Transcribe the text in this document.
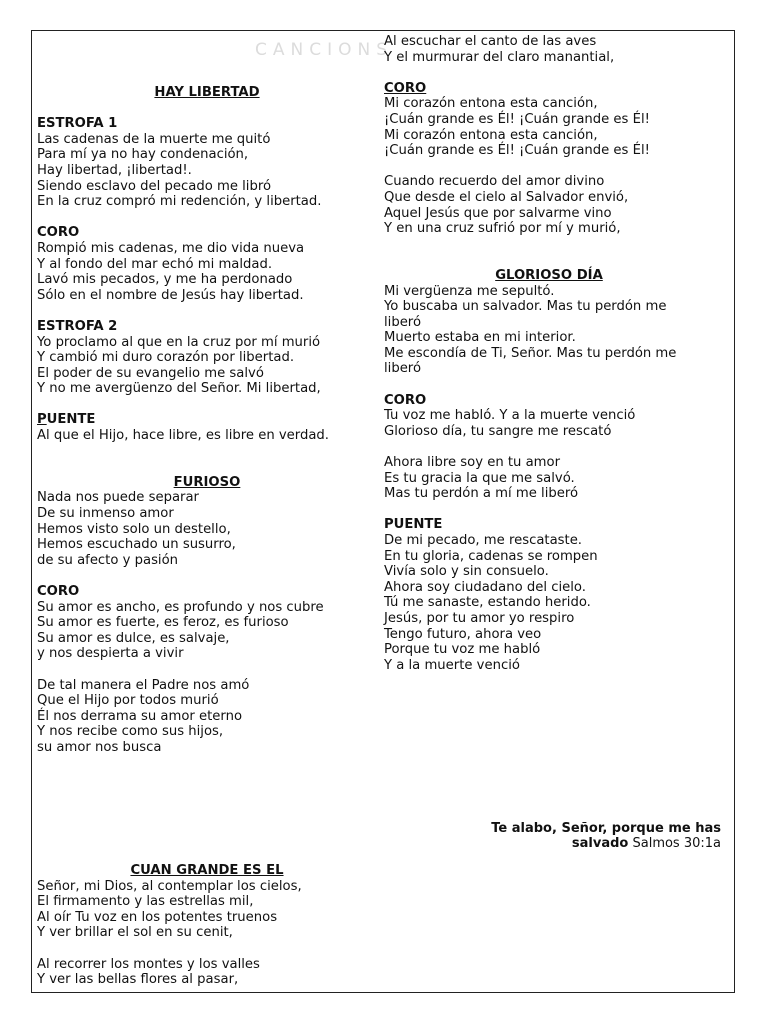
CANCIONS
HAY LIBERTAD
ESTROFA 1
Las cadenas de la muerte me quitó
Para mí ya no hay condenación,
Hay libertad, ¡libertad!.
Siendo esclavo del pecado me libró
En la cruz compró mi redención, y libertad.
CORO
Rompió mis cadenas, me dio vida nueva
Y al fondo del mar echó mi maldad.
Lavó mis pecados, y me ha perdonado
Sólo en el nombre de Jesús hay libertad.
ESTROFA 2
Yo proclamo al que en la cruz por mí murió
Y cambió mi duro corazón por libertad.
El poder de su evangelio me salvó
Y no me avergüenzo del Señor. Mi libertad,
PUENTE
Al que el Hijo, hace libre, es libre en verdad.
FURIOSO
Nada nos puede separar
De su inmenso amor
Hemos visto solo un destello,
Hemos escuchado un susurro,
de su afecto y pasión
CORO
Su amor es ancho, es profundo y nos cubre
Su amor es fuerte, es feroz, es furioso
Su amor es dulce, es salvaje,
y nos despierta a vivir
De tal manera el Padre nos amó
Que el Hijo por todos murió
Él nos derrama su amor eterno
Y nos recibe como sus hijos,
su amor nos busca
CUAN GRANDE ES EL
Señor, mi Dios, al contemplar los cielos,
El firmamento y las estrellas mil,
Al oír Tu voz en los potentes truenos
Y ver brillar el sol en su cenit,
Al recorrer los montes y los valles
Y ver las bellas flores al pasar,
Al escuchar el canto de las aves
Y el murmurar del claro manantial,
CORO
Mi corazón entona esta canción,
¡Cuán grande es Él! ¡Cuán grande es Él!
Mi corazón entona esta canción,
¡Cuán grande es Él! ¡Cuán grande es Él!
Cuando recuerdo del amor divino
Que desde el cielo al Salvador envió,
Aquel Jesús que por salvarme vino
Y en una cruz sufrió por mí y murió,
GLORIOSO DÍA
Mi vergüenza me sepultó.
Yo buscaba un salvador. Mas tu perdón me
liberó
Muerto estaba en mi interior.
Me escondía de Ti, Señor. Mas tu perdón me
liberó
CORO
Tu voz me habló. Y a la muerte venció
Glorioso día, tu sangre me rescató
Ahora libre soy en tu amor
Es tu gracia la que me salvó.
Mas tu perdón a mí me liberó
PUENTE
De mi pecado, me rescataste.
En tu gloria, cadenas se rompen
Vivía solo y sin consuelo.
Ahora soy ciudadano del cielo.
Tú me sanaste, estando herido.
Jesús, por tu amor yo respiro
Tengo futuro, ahora veo
Porque tu voz me habló
Y a la muerte venció
Te alabo, Señor, porque me has
salvado Salmos 30:1a
